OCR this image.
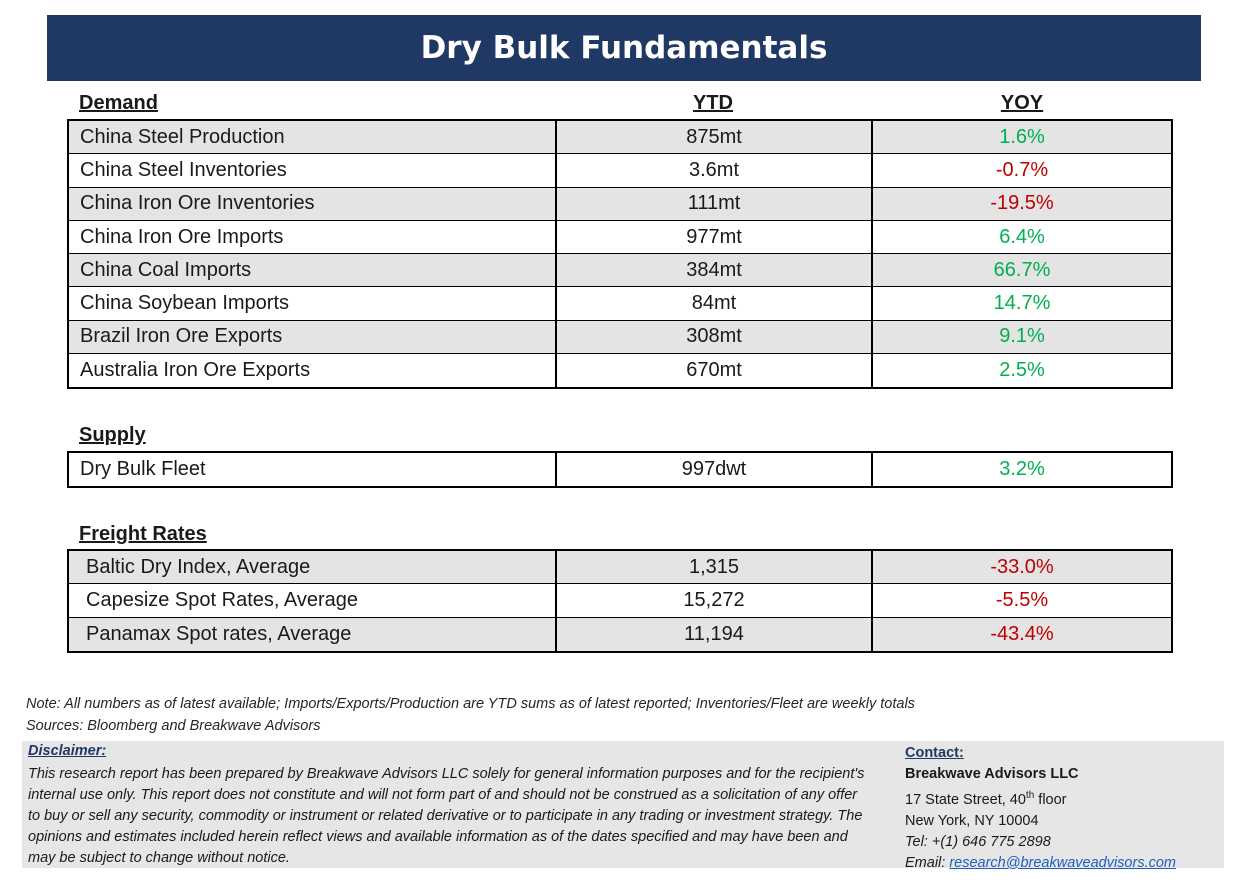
Dry Bulk Fundamentals
Demand	YTD	YOY
China Steel Production	875mt	1.6%
China Steel Inventories	3.6mt	-0.7%
China Iron Ore Inventories	111mt	-19.5%
China Iron Ore Imports	977mt	6.4%
China Coal Imports	384mt	66.7%
China Soybean Imports	84mt	14.7%
Brazil Iron Ore Exports	308mt	9.1%
Australia Iron Ore Exports	670mt	2.5%
Supply
Dry Bulk Fleet	997dwt	3.2%
Freight Rates
Baltic Dry Index, Average	1,315	-33.0%
Capesize Spot Rates, Average	15,272	-5.5%
Panamax Spot rates, Average	11,194	-43.4%
Note: All numbers as of latest available; Imports/Exports/Production are YTD sums as of latest reported; Inventories/Fleet are weekly totals
Sources: Bloomberg and Breakwave Advisors
Disclaimer:
This research report has been prepared by Breakwave Advisors LLC solely for general information purposes and for the recipient's internal use only. This report does not constitute and will not form part of and should not be construed as a solicitation of any offer to buy or sell any security, commodity or instrument or related derivative or to participate in any trading or investment strategy. The opinions and estimates included herein reflect views and available information as of the dates specified and may have been and may be subject to change without notice.
Contact:
Breakwave Advisors LLC
17 State Street, 40th floor
New York, NY 10004
Tel: +(1) 646 775 2898
Email: research@breakwaveadvisors.com
